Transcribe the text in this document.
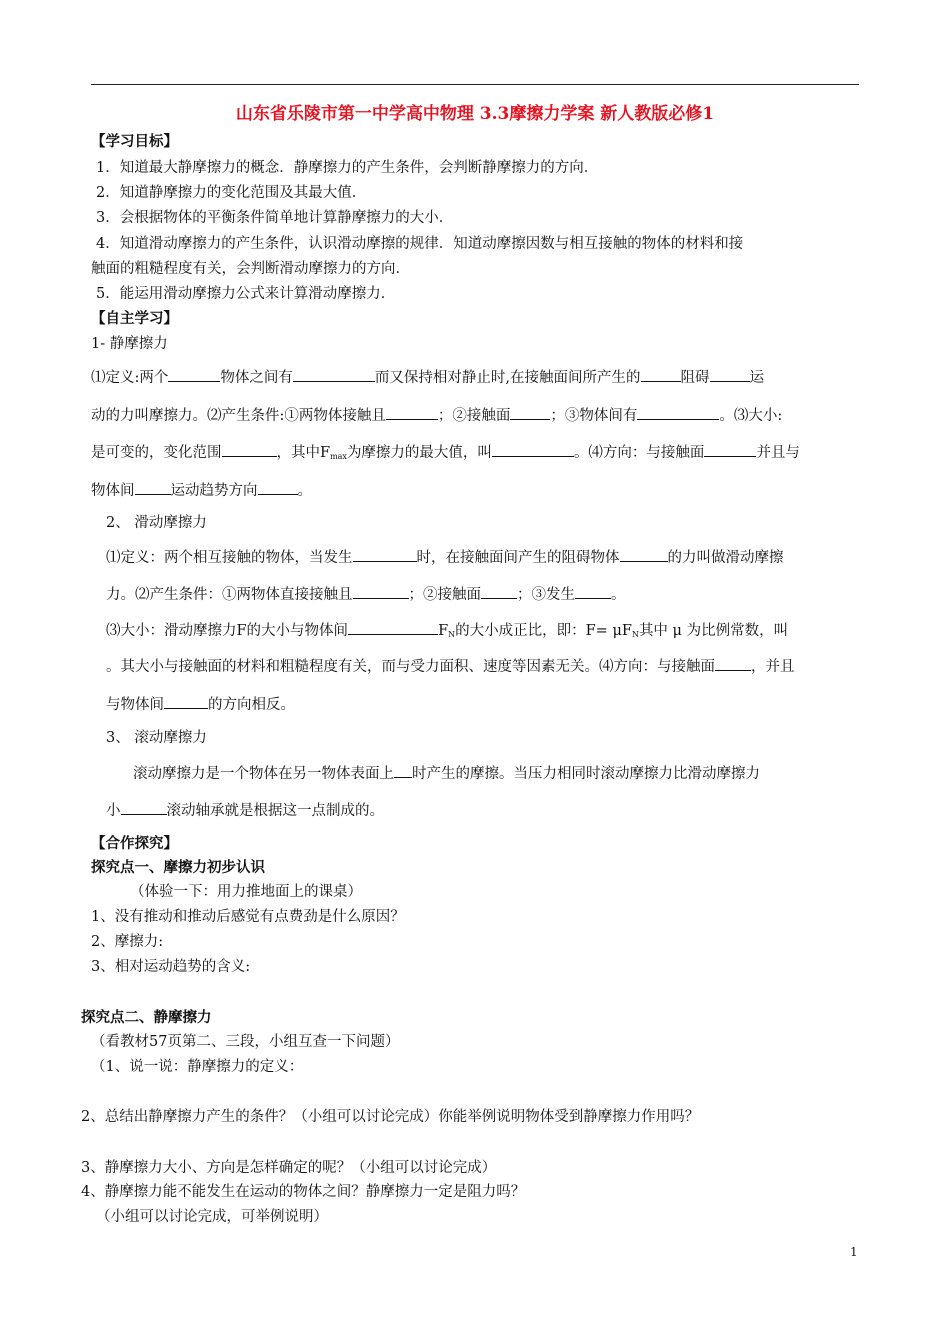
山东省乐陵市第一中学高中物理 3.3摩擦力学案 新人教版必修1
【学习目标】
1．知道最大静摩擦力的概念．静摩擦力的产生条件，会判断静摩擦力的方向．
2．知道静摩擦力的变化范围及其最大值．
3．会根据物体的平衡条件简单地计算静摩擦力的大小．
4．知道滑动摩擦力的产生条件，认识滑动摩擦的规律．知道动摩擦因数与相互接触的物体的材料和接
触面的粗糙程度有关，会判断滑动摩擦力的方向．
5．能运用滑动摩擦力公式来计算滑动摩擦力．
【自主学习】
1- 静摩擦力
⑴定义:两个	物体之间有	而又保持相对静止时,在接触面间所产生的	阻碍	运
动的力叫摩擦力。⑵产生条件:①两物体接触且	；②接触面	；③物体间有	。⑶大小:
是可变的，变化范围	，其中$F_{max}$为摩擦力的最大值，叫	。⑷方向：与接触面	并且与
物体间 运动趋势方向	。
2、 滑动摩擦力
⑴定义：两个相互接触的物体，当发生	时，在接触面间产生的阻碍物体	的力叫做滑动摩擦
力。⑵产生条件：①两物体直接接触且	；②接触面 ；③发生 。
⑶大小：滑动摩擦力F的大小与物体间	$F_N$的大小成正比，即：$F= \mu F_N$其中 μ 为比例常数，叫
。其大小与接触面的材料和粗糙程度有关，而与受力面积、速度等因素无关。⑷方向：与接触面 ，并且
与物体间	的方向相反。
3、 滚动摩擦力
滚动摩擦力是一个物体在另一物体表面上 时产生的摩擦。当压力相同时滚动摩擦力比滑动摩擦力
小	滚动轴承就是根据这一点制成的。
【合作探究】
探究点一、摩擦力初步认识
（体验一下：用力推地面上的课桌）
1、没有推动和推动后感觉有点费劲是什么原因？
2、摩擦力:
3、相对运动趋势的含义:
探究点二、静摩擦力
（看教材57页第二、三段，小组互查一下问题）
（1、说一说：静摩擦力的定义：
2、总结出静摩擦力产生的条件？（小组可以讨论完成）你能举例说明物体受到静摩擦力作用吗？
3、静摩擦力大小、方向是怎样确定的呢？（小组可以讨论完成）
4、静摩擦力能不能发生在运动的物体之间？静摩擦力一定是阻力吗？
（小组可以讨论完成，可举例说明）
1
